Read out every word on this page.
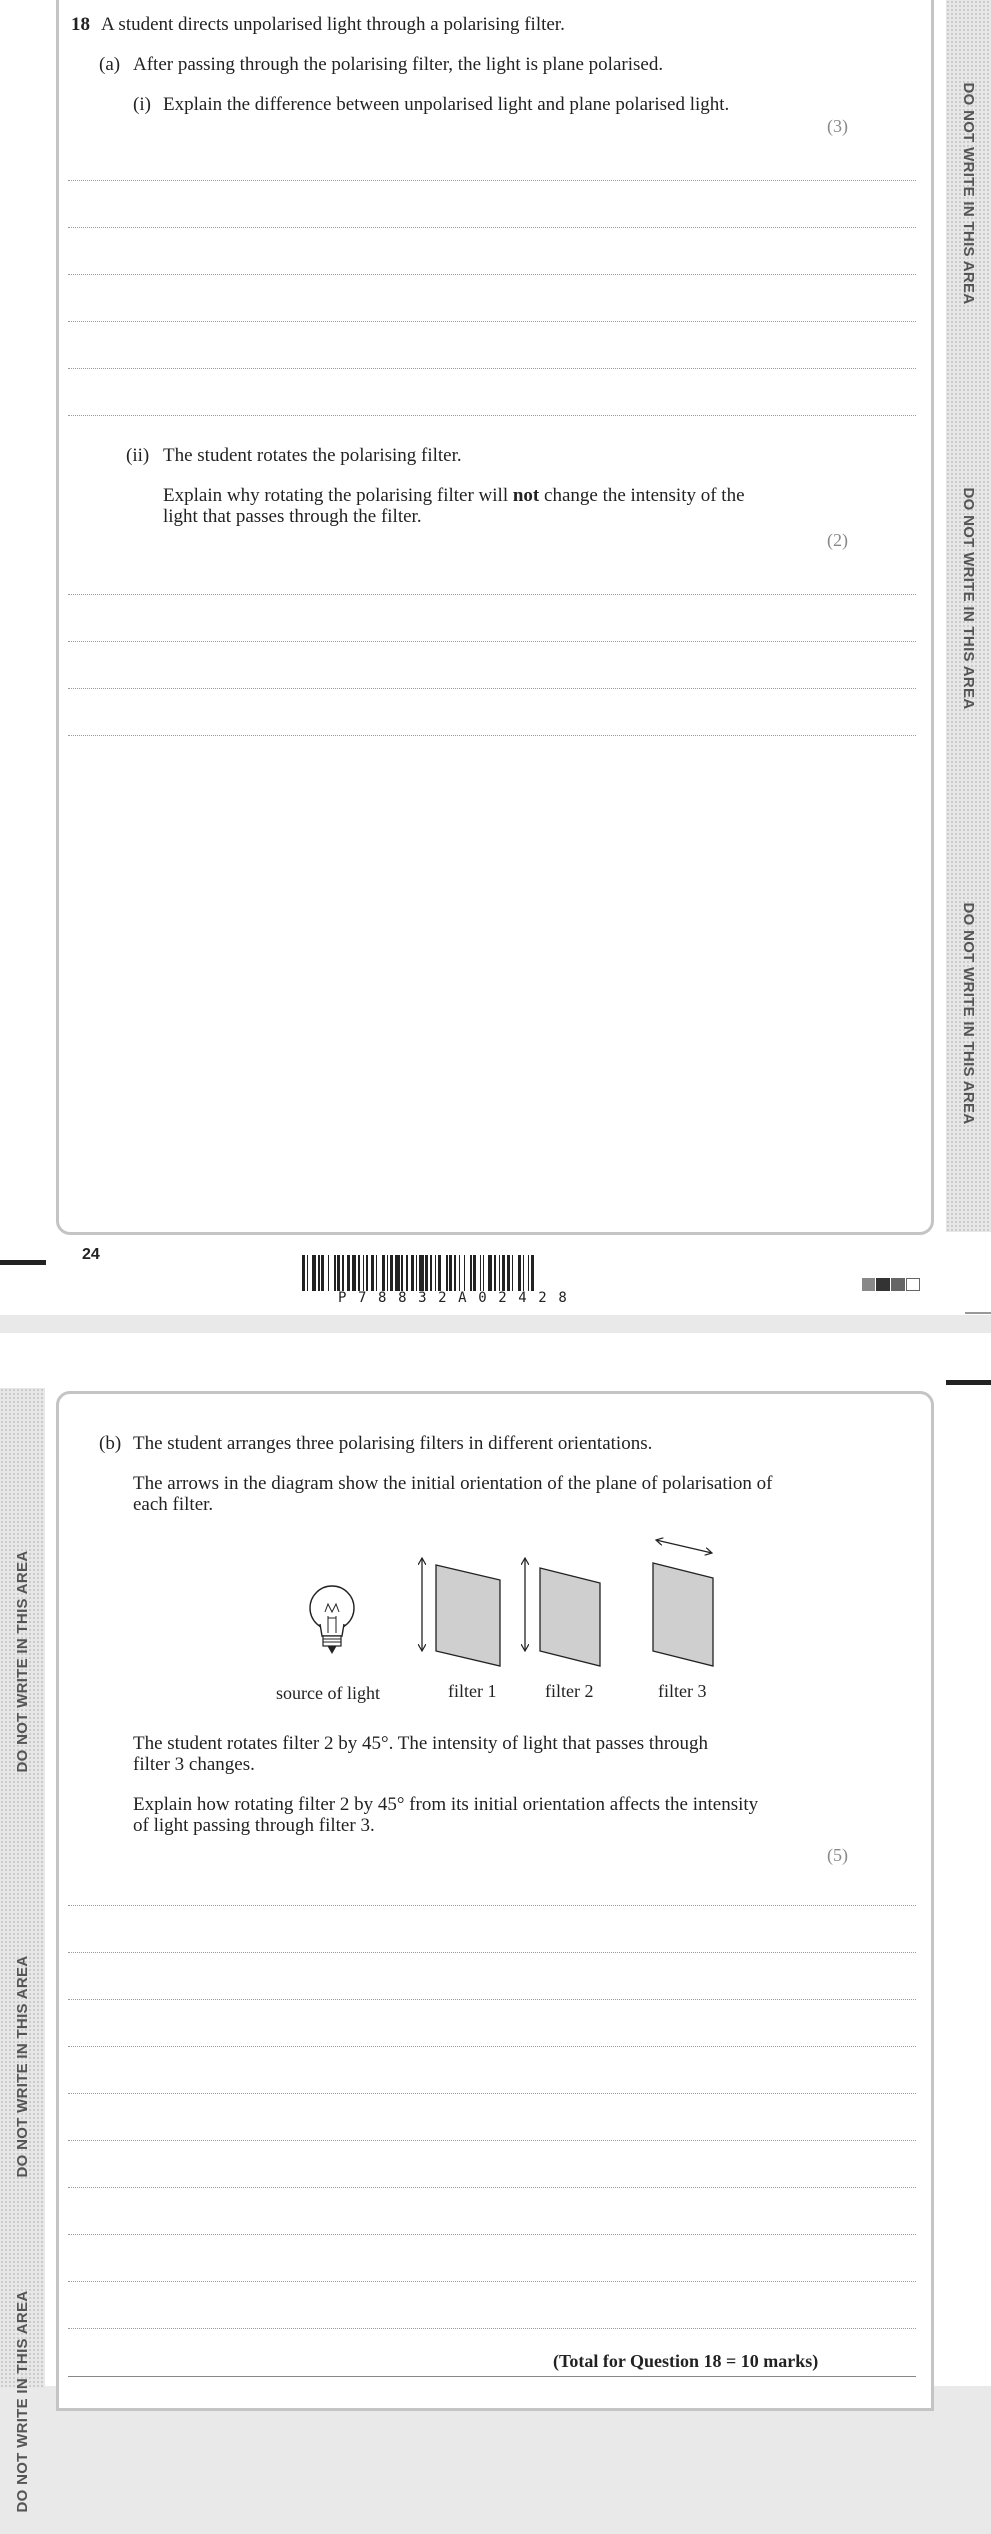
DO NOT WRITE IN THIS AREA
DO NOT WRITE IN THIS AREA
DO NOT WRITE IN THIS AREA
18 A student directs unpolarised light through a polarising filter.
(a) After passing through the polarising filter, the light is plane polarised.
(i) Explain the difference between unpolarised light and plane polarised light.
(3)
(ii) The student rotates the polarising filter.
Explain why rotating the polarising filter will not change the intensity of the
light that passes through the filter.
(2)
24
P78832A02428
DO NOT WRITE IN THIS AREA
DO NOT WRITE IN THIS AREA
DO NOT WRITE IN THIS AREA
(b) The student arranges three polarising filters in different orientations.
The arrows in the diagram show the initial orientation of the plane of polarisation of
each filter.
source of light	filter 1	filter 2	filter 3
The student rotates filter 2 by 45°. The intensity of light that passes through
filter 3 changes.
Explain how rotating filter 2 by 45° from its initial orientation affects the intensity
of light passing through filter 3.
(5)
(Total for Question 18 = 10 marks)
